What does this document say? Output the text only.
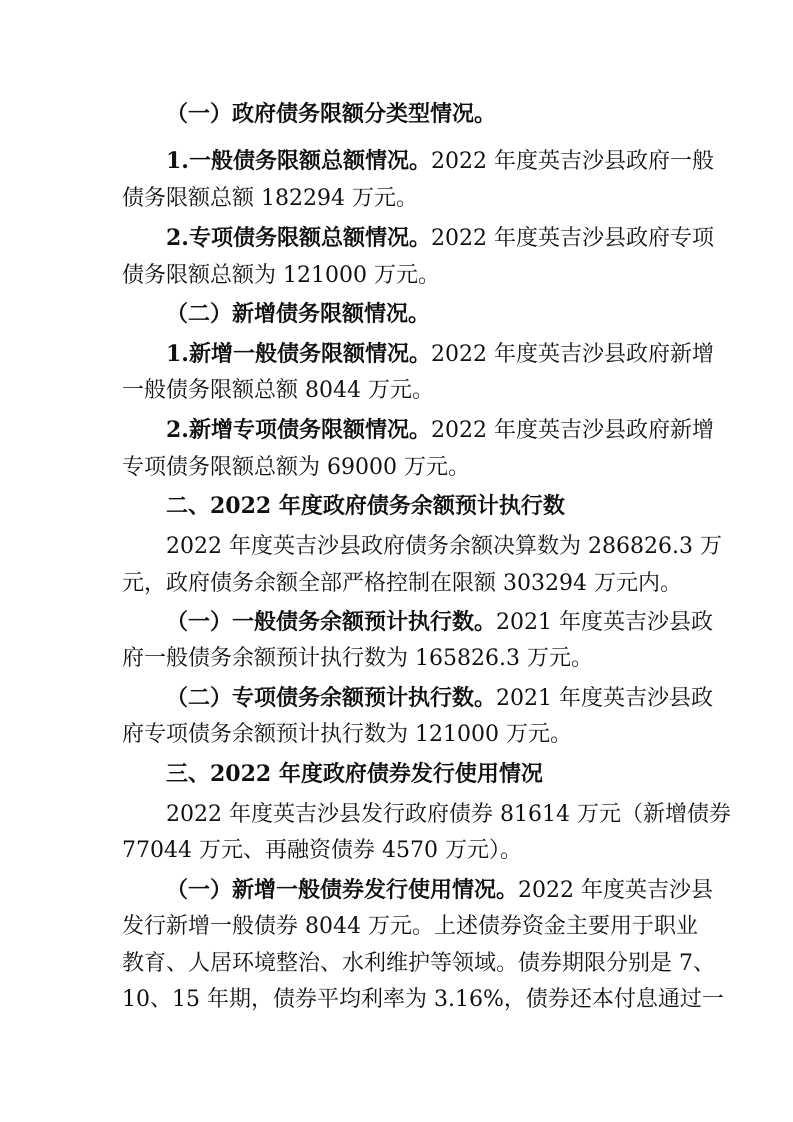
（一）政府债务限额分类型情况。
1.一般债务限额总额情况。2022 年度英吉沙县政府一般
债务限额总额 182294 万元。
2.专项债务限额总额情况。2022 年度英吉沙县政府专项
债务限额总额为 121000 万元。
（二）新增债务限额情况。
1.新增一般债务限额情况。2022 年度英吉沙县政府新增
一般债务限额总额 8044 万元。
2.新增专项债务限额情况。2022 年度英吉沙县政府新增
专项债务限额总额为 69000 万元。
二、2022 年度政府债务余额预计执行数
2022 年度英吉沙县政府债务余额决算数为 286826.3 万
元，政府债务余额全部严格控制在限额 303294 万元内。
（一）一般债务余额预计执行数。2021 年度英吉沙县政
府一般债务余额预计执行数为 165826.3 万元。
（二）专项债务余额预计执行数。2021 年度英吉沙县政
府专项债务余额预计执行数为 121000 万元。
三、2022 年度政府债券发行使用情况
2022 年度英吉沙县发行政府债券 81614 万元（新增债券
77044 万元、再融资债券 4570 万元）。
（一）新增一般债券发行使用情况。2022 年度英吉沙县
发行新增一般债券 8044 万元。上述债券资金主要用于职业
教育、人居环境整治、水利维护等领域。债券期限分别是 7、
10、15 年期，债券平均利率为 3.16%，债券还本付息通过一
